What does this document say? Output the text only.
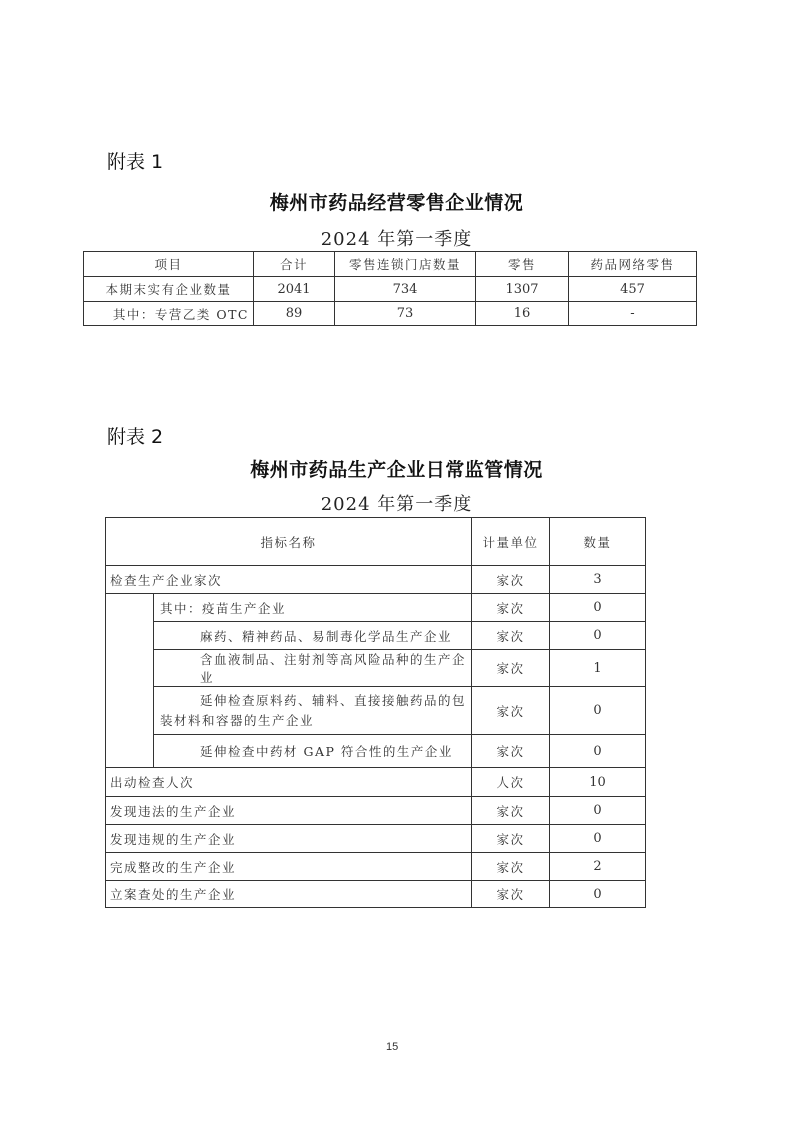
附表 1
梅州市药品经营零售企业情况
2024 年第一季度
项目	合计	零售连锁门店数量	零售	药品网络零售
本期末实有企业数量	2041	734	1307	457
其中：专营乙类 OTC	89	73	16	-
附表 2
梅州市药品生产企业日常监管情况
2024 年第一季度
指标名称		计量单位	数量
检查生产企业家次		家次	3
	其中：疫苗生产企业	家次	0
	麻药、精神药品、易制毒化学品生产企业	家次	0
	含血液制品、注射剂等高风险品种的生产企业	家次	1
	延伸检查原料药、辅料、直接接触药品的包装材料和容器的生产企业	家次	0
	延伸检查中药材 GAP 符合性的生产企业	家次	0
出动检查人次		人次	10
发现违法的生产企业		家次	0
发现违规的生产企业		家次	0
完成整改的生产企业		家次	2
立案查处的生产企业		家次	0
15
